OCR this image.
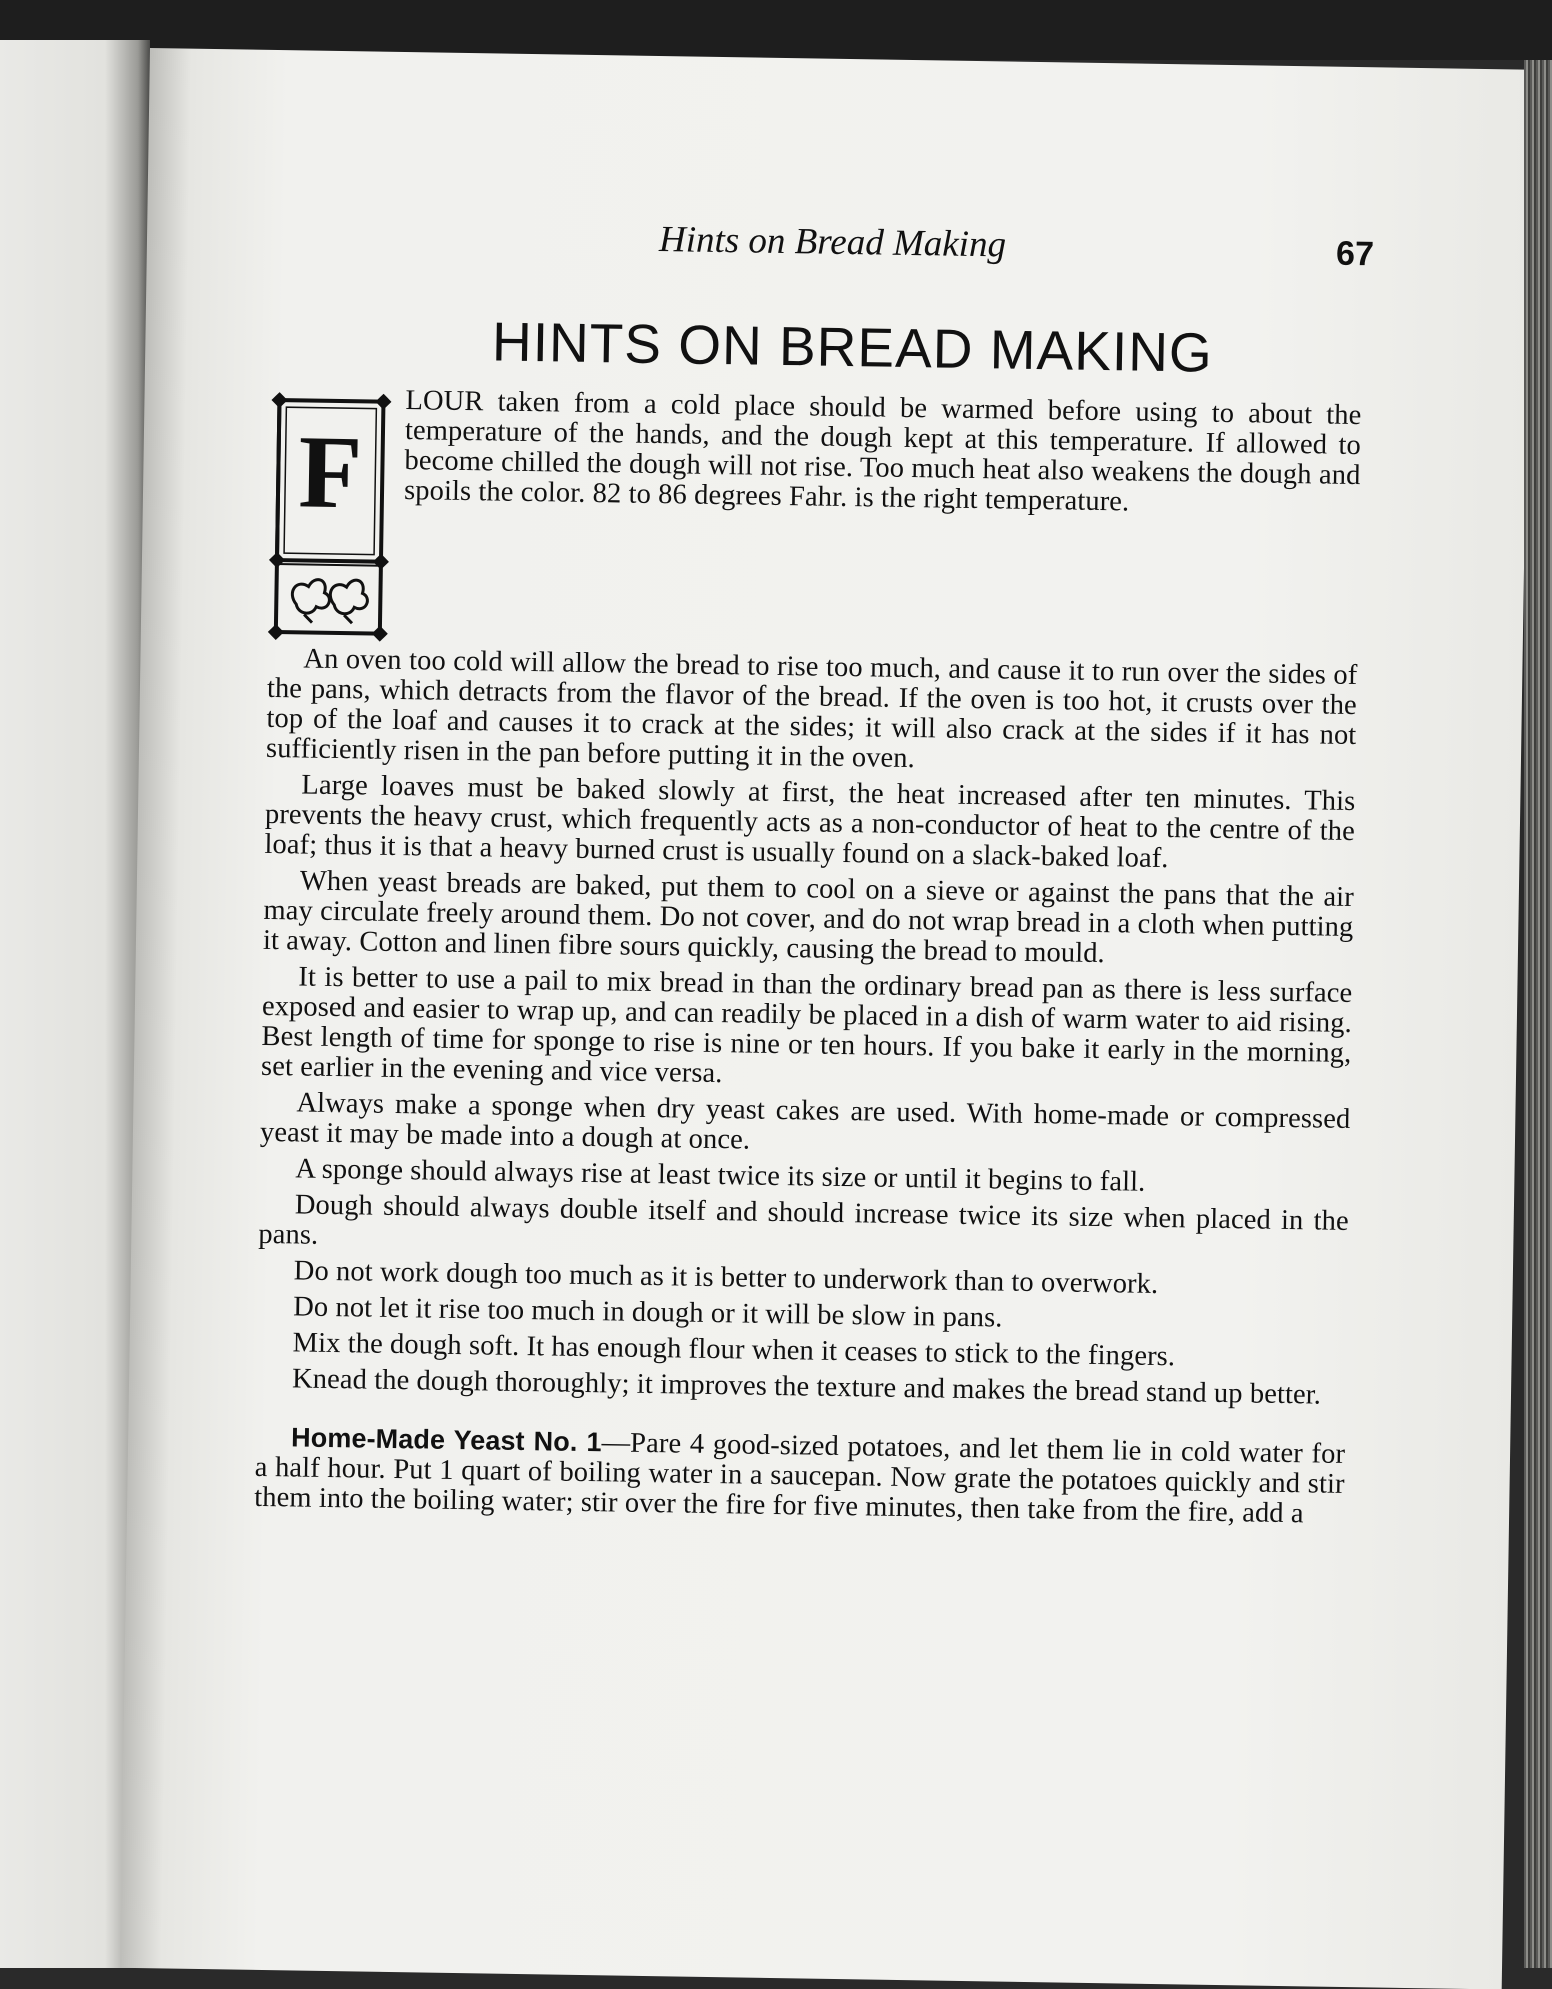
Hints on Bread Making	67
HINTS ON BREAD MAKING
F

LOUR taken from a cold place should be warmed before using to about the temperature of the hands, and the dough kept at this temperature. If allowed to become chilled the dough will not rise. Too much heat also weakens the dough and spoils the color. 82 to 86 degrees Fahr. is the right temperature.

An oven too cold will allow the bread to rise too much, and cause it to run over the sides of the pans, which detracts from the flavor of the bread. If the oven is too hot, it crusts over the top of the loaf and causes it to crack at the sides; it will also crack at the sides if it has not sufficiently risen in the pan before putting it in the oven.

Large loaves must be baked slowly at first, the heat increased after ten minutes. This prevents the heavy crust, which frequently acts as a non-conductor of heat to the centre of the loaf; thus it is that a heavy burned crust is usually found on a slack-baked loaf.

When yeast breads are baked, put them to cool on a sieve or against the pans that the air may circulate freely around them. Do not cover, and do not wrap bread in a cloth when putting it away. Cotton and linen fibre sours quickly, causing the bread to mould.

It is better to use a pail to mix bread in than the ordinary bread pan as there is less surface exposed and easier to wrap up, and can readily be placed in a dish of warm water to aid rising. Best length of time for sponge to rise is nine or ten hours. If you bake it early in the morning, set earlier in the evening and vice versa.

Always make a sponge when dry yeast cakes are used. With home-made or compressed yeast it may be made into a dough at once.

A sponge should always rise at least twice its size or until it begins to fall.

Dough should always double itself and should increase twice its size when placed in the pans.

Do not work dough too much as it is better to underwork than to overwork.

Do not let it rise too much in dough or it will be slow in pans.

Mix the dough soft. It has enough flour when it ceases to stick to the fingers.

Knead the dough thoroughly; it improves the texture and makes the bread stand up better.

Home-Made Yeast No. 1—Pare 4 good-sized potatoes, and let them lie in cold water for a half hour. Put 1 quart of boiling water in a saucepan. Now grate the potatoes quickly and stir them into the boiling water; stir over the fire for five minutes, then take from the fire, add a
